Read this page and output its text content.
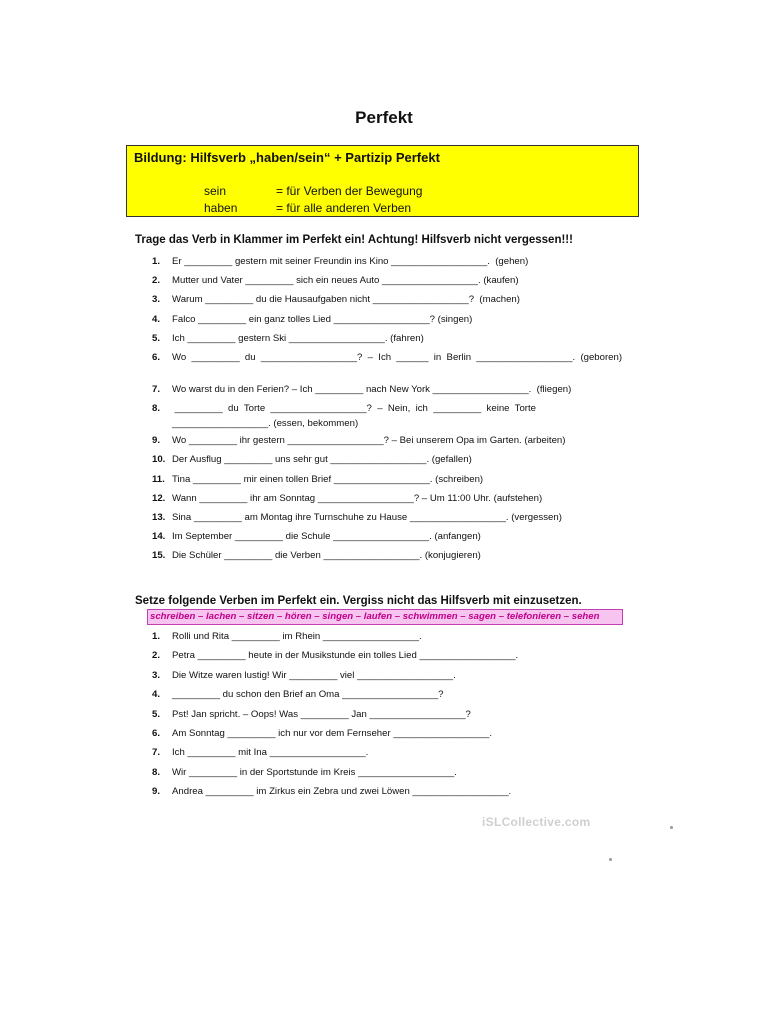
Perfekt
Bildung: Hilfsverb „haben/sein“ + Partizip Perfekt
sein	= für Verben der Bewegung
haben	= für alle anderen Verben
Trage das Verb in Klammer im Perfekt ein! Achtung! Hilfsverb nicht vergessen!!!
1. Er _________ gestern mit seiner Freundin ins Kino __________________.  (gehen)
2. Mutter und Vater _________ sich ein neues Auto __________________. (kaufen)
3. Warum _________ du die Hausaufgaben nicht __________________?  (machen)
4. Falco _________ ein ganz tolles Lied __________________? (singen)
5. Ich _________ gestern Ski __________________. (fahren)
6. Wo  _________  du  __________________?  –  Ich  ______  in  Berlin  __________________.  (geboren)
7. Wo warst du in den Ferien? – Ich _________ nach New York __________________.  (fliegen)
8. _________  du  Torte  __________________?  –  Nein,  ich  _________  keine  Torte  __________________. (essen, bekommen)
9. Wo _________ ihr gestern __________________? – Bei unserem Opa im Garten. (arbeiten)
10. Der Ausflug _________ uns sehr gut __________________. (gefallen)
11. Tina _________ mir einen tollen Brief __________________. (schreiben)
12. Wann _________ ihr am Sonntag __________________? – Um 11:00 Uhr. (aufstehen)
13. Sina _________ am Montag ihre Turnschuhe zu Hause __________________. (vergessen)
14. Im September _________ die Schule __________________. (anfangen)
15. Die Schüler _________ die Verben __________________. (konjugieren)
Setze folgende Verben im Perfekt ein. Vergiss nicht das Hilfsverb mit einzusetzen.
schreiben – lachen – sitzen – hören – singen – laufen – schwimmen – sagen – telefonieren – sehen
1. Rolli und Rita _________ im Rhein __________________.
2. Petra _________ heute in der Musikstunde ein tolles Lied __________________.
3. Die Witze waren lustig! Wir _________ viel __________________.
4. _________ du schon den Brief an Oma __________________?
5. Pst! Jan spricht. – Oops! Was _________ Jan __________________?
6. Am Sonntag _________ ich nur vor dem Fernseher __________________.
7. Ich _________ mit Ina __________________.
8. Wir _________ in der Sportstunde im Kreis __________________.
9. Andrea _________ im Zirkus ein Zebra und zwei Löwen __________________.
iSLCollective.com
